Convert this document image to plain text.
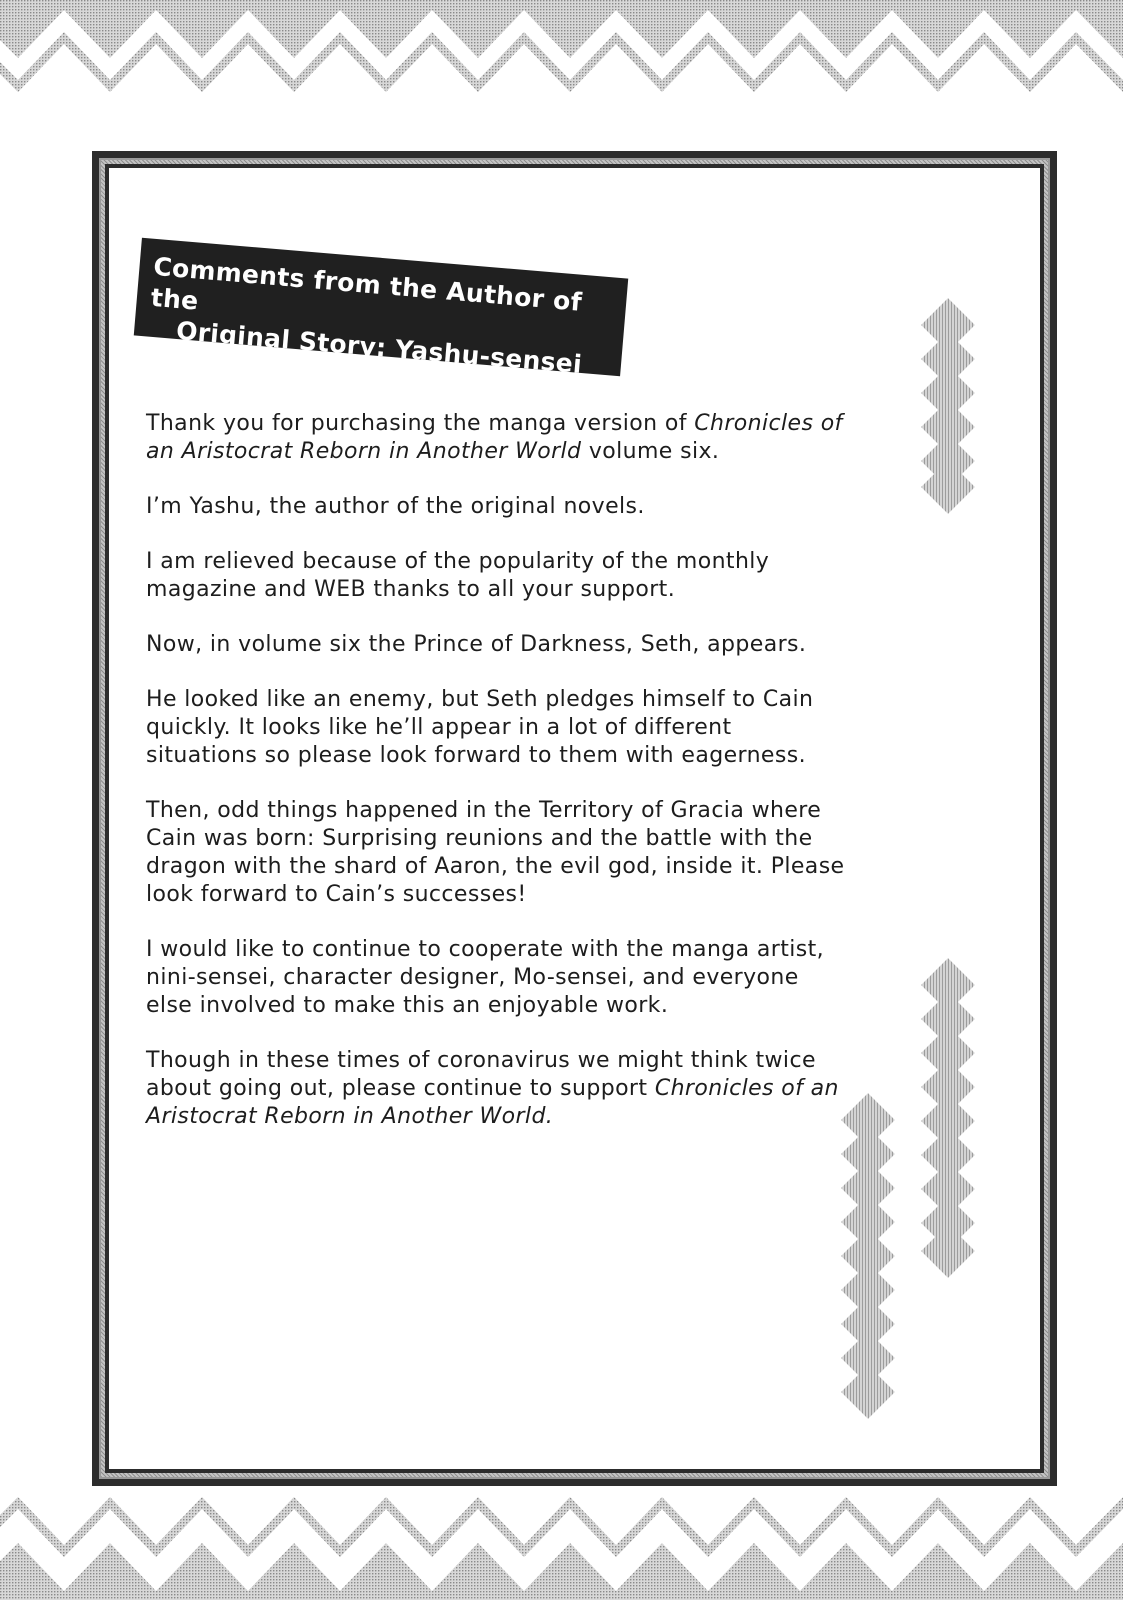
Comments from the Author of the
Original Story: Yashu-sensei

Thank you for purchasing the manga version of Chronicles of an Aristocrat Reborn in Another World volume six.

I’m Yashu, the author of the original novels.

I am relieved because of the popularity of the monthly magazine and WEB thanks to all your support.

Now, in volume six the Prince of Darkness, Seth, appears.

He looked like an enemy, but Seth pledges himself to Cain quickly. It looks like he’ll appear in a lot of different situations so please look forward to them with eagerness.

Then, odd things happened in the Territory of Gracia where Cain was born: Surprising reunions and the battle with the dragon with the shard of Aaron, the evil god, inside it. Please look forward to Cain’s successes!

I would like to continue to cooperate with the manga artist, nini-sensei, character designer, Mo-sensei, and everyone else involved to make this an enjoyable work.

Though in these times of coronavirus we might think twice about going out, please continue to support Chronicles of an Aristocrat Reborn in Another World.
